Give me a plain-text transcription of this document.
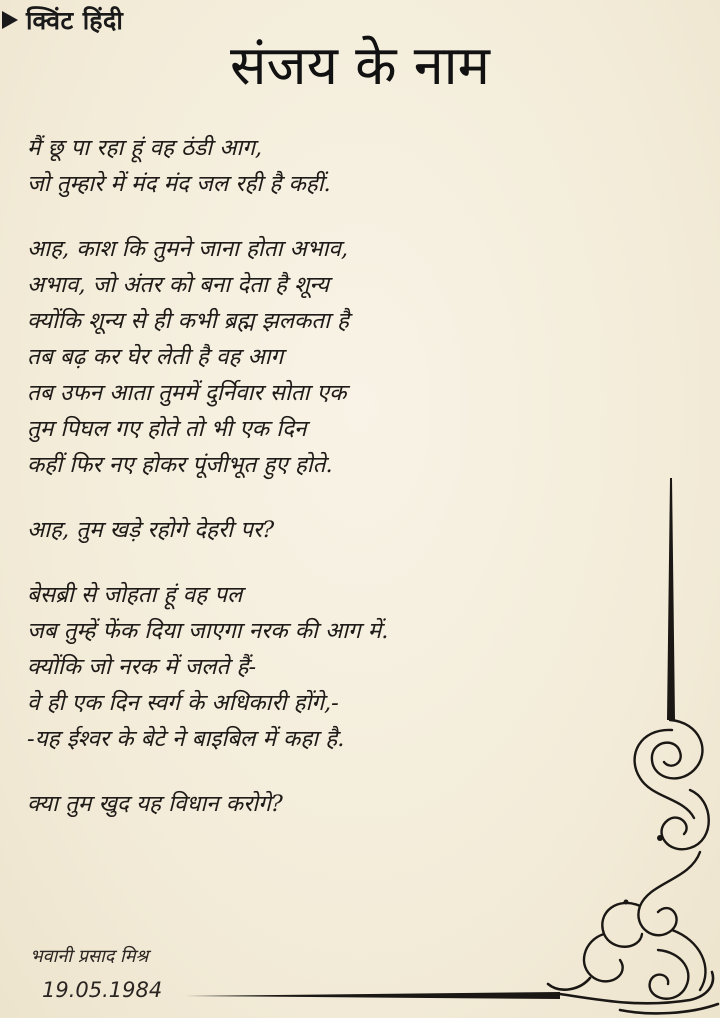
क्विंट हिंदी
संजय के नाम
मैं छू पा रहा हूं वह ठंडी आग,
जो तुम्हारे में मंद मंद जल रही है कहीं.
आह, काश कि तुमने जाना होता अभाव,
अभाव, जो अंतर को बना देता है शून्य
क्योंकि शून्य से ही कभी ब्रह्म झलकता है
तब बढ़ कर घेर लेती है वह आग
तब उफन आता तुममें दुर्निवार सोता एक
तुम पिघल गए होते तो भी एक दिन
कहीं फिर नए होकर पूंजीभूत हुए होते.
आह, तुम खड़े रहोगे देहरी पर?
बेसब्री से जोहता हूं वह पल
जब तुम्हें फेंक दिया जाएगा नरक की आग में.
क्योंकि जो नरक में जलते हैं-
वे ही एक दिन स्वर्ग के अधिकारी होंगे,-
-यह ईश्वर के बेटे ने बाइबिल में कहा है.
क्या तुम खुद यह विधान करोगे?
भवानी प्रसाद मिश्र
19.05.1984
